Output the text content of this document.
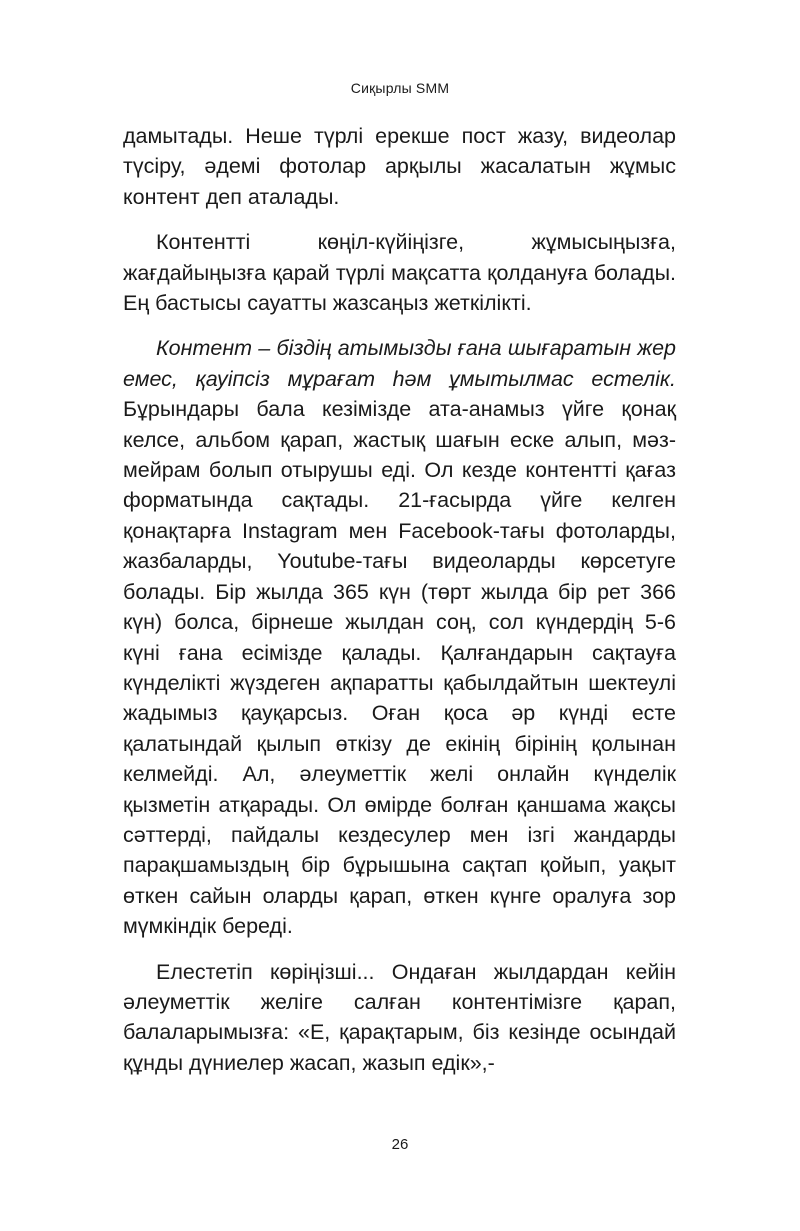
Сиқырлы SMM

дамытады. Неше түрлі ерекше пост жазу, видеолар түсіру, әдемі фотолар арқылы жасалатын жұмыс контент деп аталады.

Контентті көңіл-күйіңізге, жұмысыңызға, жағдайыңызға қарай түрлі мақсатта қолдануға болады. Ең бастысы сауатты жазсаңыз жеткілікті.

Контент – біздің атымызды ғана шығаратын жер емес, қауіпсіз мұрағат һәм ұмытылмас естелік. Бұрындары бала кезімізде ата-анамыз үйге қонақ келсе, альбом қарап, жастық шағын еске алып, мәз-мейрам болып отырушы еді. Ол кезде контентті қағаз форматында сақтады. 21-ғасырда үйге келген қонақтарға Instagram мен Facebook-тағы фотоларды, жазбаларды, Youtube-тағы видеоларды көрсетуге болады. Бір жылда 365 күн (төрт жылда бір рет 366 күн) болса, бірнеше жылдан соң, сол күндердің 5-6 күні ғана есімізде қалады. Қалғандарын сақтауға күнделікті жүздеген ақпаратты қабылдайтын шектеулі жадымыз қауқарсыз. Оған қоса әр күнді есте қалатындай қылып өткізу де екінің бірінің қолынан келмейді. Ал, әлеуметтік желі онлайн күнделік қызметін атқарады. Ол өмірде болған қаншама жақсы сәттерді, пайдалы кездесулер мен ізгі жандарды парақшамыздың бір бұрышына сақтап қойып, уақыт өткен сайын оларды қарап, өткен күнге оралуға зор мүмкіндік береді.

Елестетіп көріңізші... Ондаған жылдардан кейін әлеуметтік желіге салған контентімізге қарап, балаларымызға: «Е, қарақтарым, біз кезінде осындай құнды дүниелер жасап, жазып едік»,-

26
